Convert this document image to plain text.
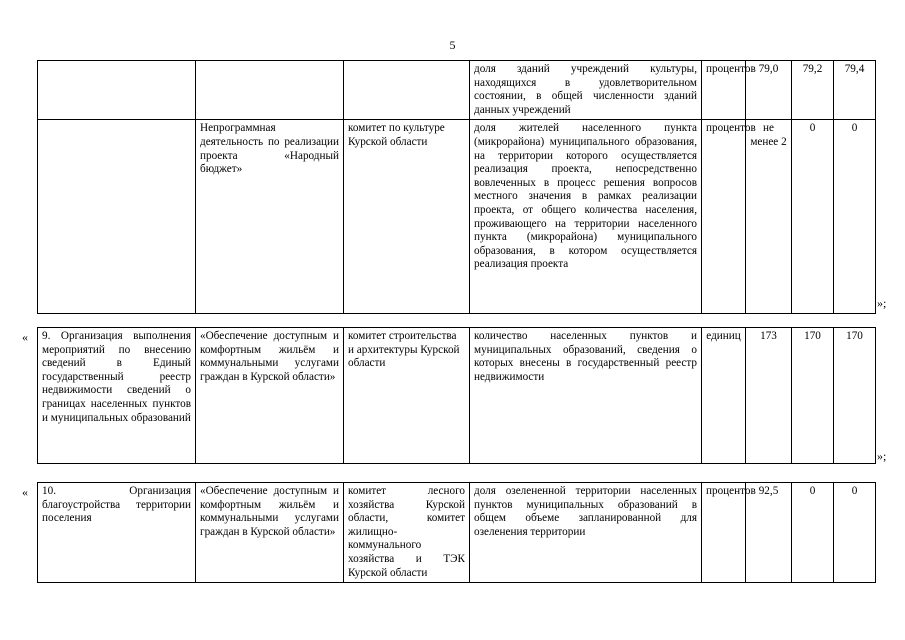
5
			доля зданий учреждений культуры, находящихся в удовлетворительном состоянии, в общей численности зданий данных учреждений	процентов	79,0	79,2	79,4
	Непрограммная деятельность по реализации проекта «Народный бюджет»	комитет по культуре Курской области	доля жителей населенного пункта (микрорайона) муниципального образования, на территории которого осуществляется реализация проекта, непосредственно вовлеченных в процесс решения вопросов местного значения в рамках реализации проекта, от общего количества населения, проживающего на территории населенного пункта (микрорайона) муниципального образования, в котором осуществляется реализация проекта	процентов	не менее 2	0	0
»;
« 9. Организация выполнения мероприятий по внесению сведений в Единый государственный реестр недвижимости сведений о границах населенных пунктов и муниципальных образований	«Обеспечение доступным и комфортным жильём и коммунальными услугами граждан в Курской области»	комитет строительства и архитектуры Курской области	количество населенных пунктов и муниципальных образований, сведения о которых внесены в государственный реестр недвижимости	единиц	173	170	170
»;
« 10. Организация благоустройства территории поселения	«Обеспечение доступным и комфортным жильём и коммунальными услугами граждан в Курской области»	комитет лесного хозяйства Курской области, комитет жилищно-коммунального хозяйства и ТЭК Курской области	доля озелененной территории населенных пунктов муниципальных образований в общем объеме запланированной для озеленения территории	процентов	92,5	0	0
